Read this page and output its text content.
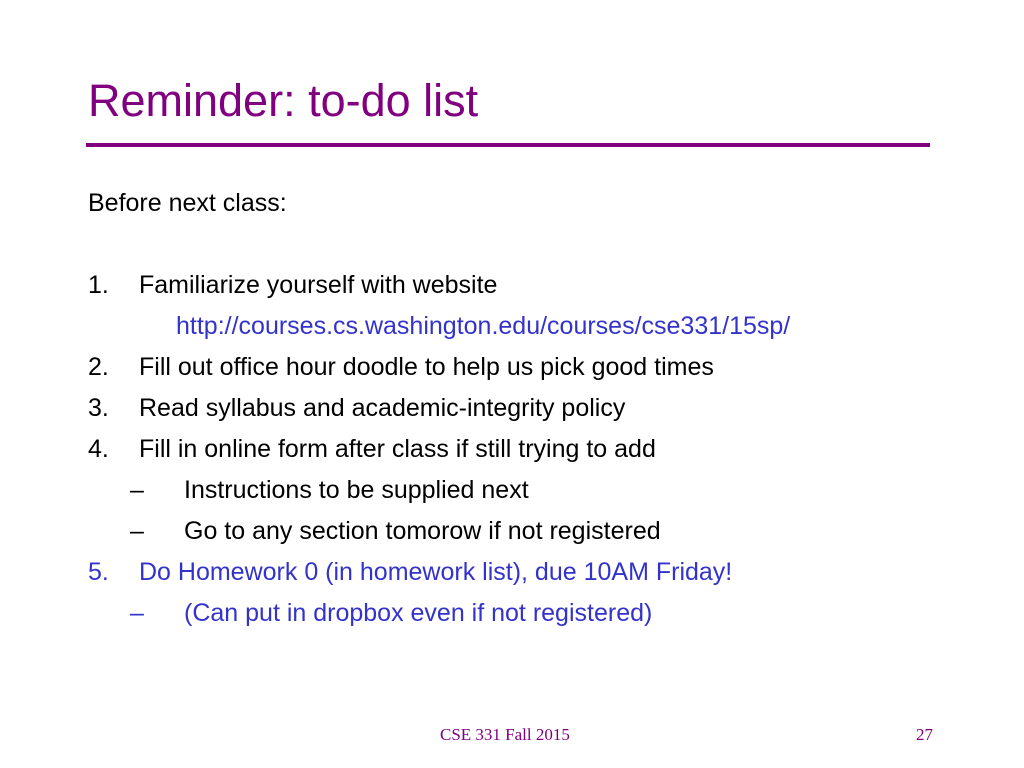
Reminder: to-do list
Before next class:
1. Familiarize yourself with website
http://courses.cs.washington.edu/courses/cse331/15sp/
2. Fill out office hour doodle to help us pick good times
3. Read syllabus and academic-integrity policy
4. Fill in online form after class if still trying to add
– Instructions to be supplied next
– Go to any section tomorow if not registered
5. Do Homework 0 (in homework list), due 10AM Friday!
– (Can put in dropbox even if not registered)
CSE 331 Fall 2015	27
